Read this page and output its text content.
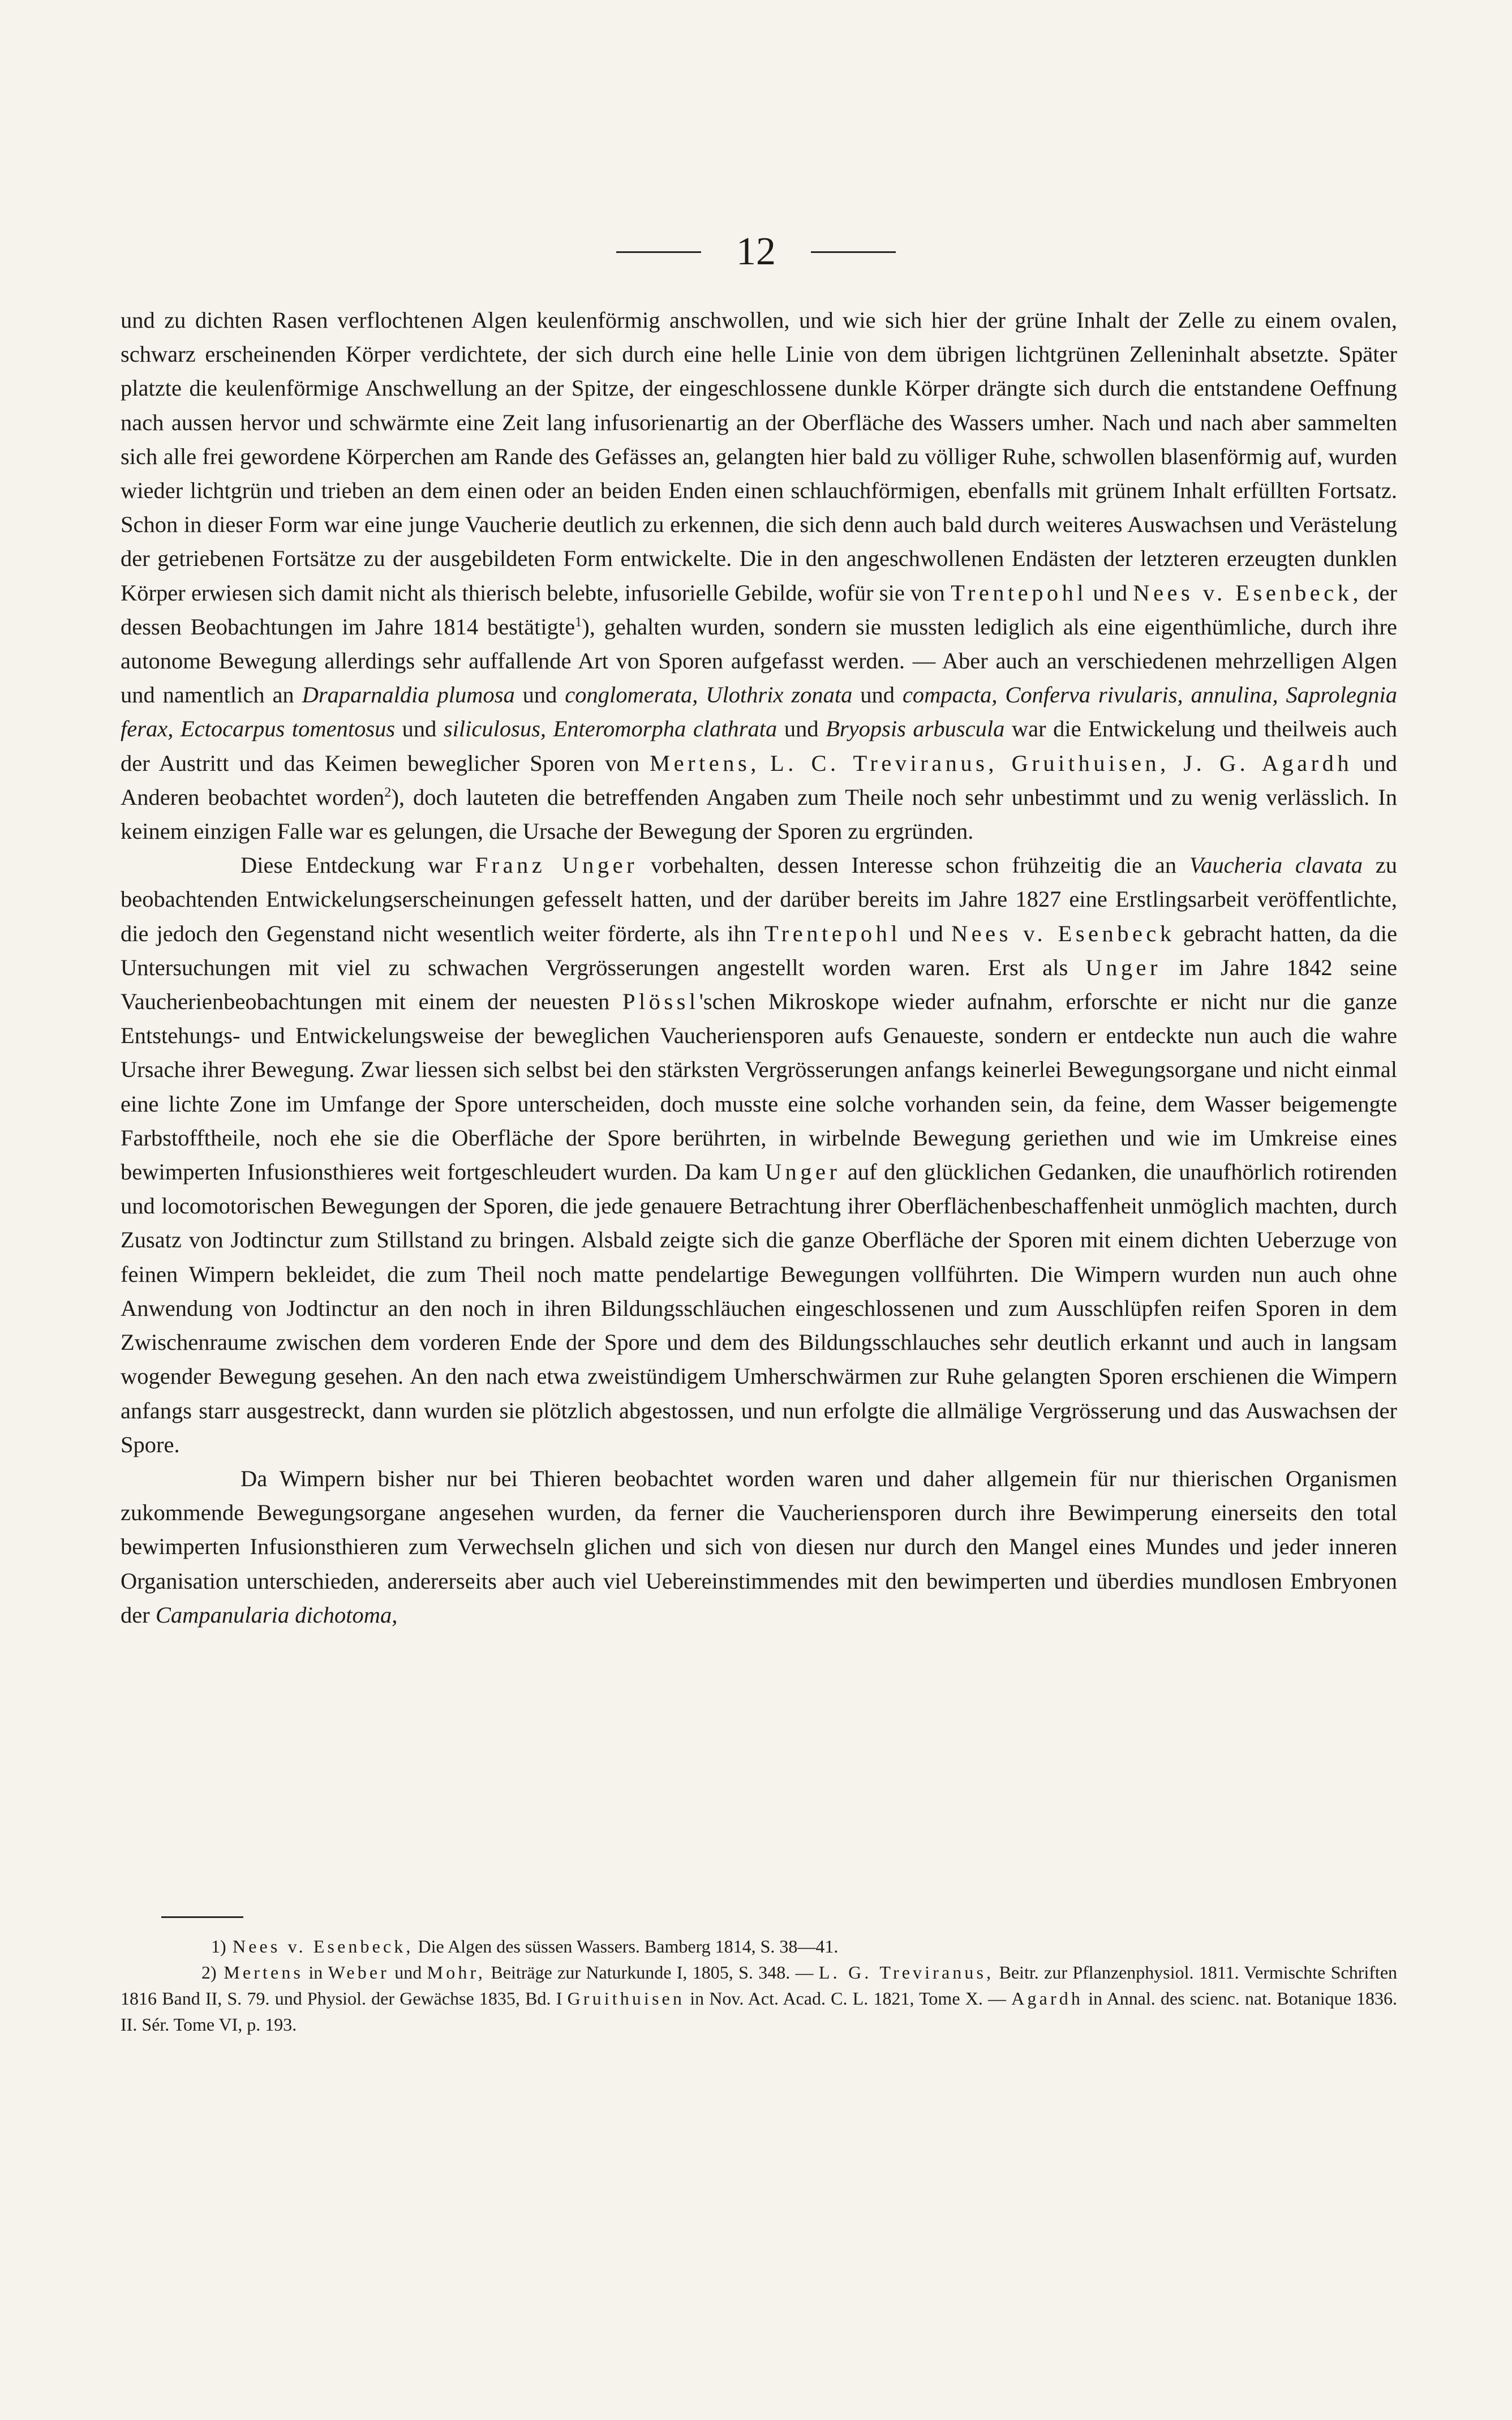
12

und zu dichten Rasen verflochtenen Algen keulenförmig anschwollen, und wie sich hier der grüne Inhalt der Zelle zu einem ovalen, schwarz erscheinenden Körper verdichtete, der sich durch eine helle Linie von dem übrigen lichtgrünen Zelleninhalt absetzte. Später platzte die keulenförmige Anschwellung an der Spitze, der eingeschlossene dunkle Körper drängte sich durch die entstandene Oeffnung nach aussen hervor und schwärmte eine Zeit lang infusorienartig an der Oberfläche des Wassers umher. Nach und nach aber sammelten sich alle frei gewordene Körperchen am Rande des Gefässes an, gelangten hier bald zu völliger Ruhe, schwollen blasenförmig auf, wurden wieder lichtgrün und trieben an dem einen oder an beiden Enden einen schlauchförmigen, ebenfalls mit grünem Inhalt erfüllten Fortsatz. Schon in dieser Form war eine junge Vaucherie deutlich zu erkennen, die sich denn auch bald durch weiteres Auswachsen und Verästelung der getriebenen Fortsätze zu der ausgebildeten Form entwickelte. Die in den angeschwollenen Endästen der letzteren erzeugten dunklen Körper erwiesen sich damit nicht als thierisch belebte, infusorielle Gebilde, wofür sie von Trentepohl und Nees v. Esenbeck, der dessen Beobachtungen im Jahre 1814 bestätigte$^1$), gehalten wurden, sondern sie mussten lediglich als eine eigenthümliche, durch ihre autonome Bewegung allerdings sehr auffallende Art von Sporen aufgefasst werden. — Aber auch an verschiedenen mehrzelligen Algen und namentlich an Draparnaldia plumosa und conglomerata, Ulothrix zonata und compacta, Conferva rivularis, annulina, Saprolegnia ferax, Ectocarpus tomentosus und siliculosus, Enteromorpha clathrata und Bryopsis arbuscula war die Entwickelung und theilweis auch der Austritt und das Keimen beweglicher Sporen von Mertens, L. C. Treviranus, Gruithuisen, J. G. Agardh und Anderen beobachtet worden$^2$), doch lauteten die betreffenden Angaben zum Theile noch sehr unbestimmt und zu wenig verlässlich. In keinem einzigen Falle war es gelungen, die Ursache der Bewegung der Sporen zu ergründen.

Diese Entdeckung war Franz Unger vorbehalten, dessen Interesse schon frühzeitig die an Vaucheria clavata zu beobachtenden Entwickelungserscheinungen gefesselt hatten, und der darüber bereits im Jahre 1827 eine Erstlingsarbeit veröffentlichte, die jedoch den Gegenstand nicht wesentlich weiter förderte, als ihn Trentepohl und Nees v. Esenbeck gebracht hatten, da die Untersuchungen mit viel zu schwachen Vergrösserungen angestellt worden waren. Erst als Unger im Jahre 1842 seine Vaucherienbeobachtungen mit einem der neuesten Plössl'schen Mikroskope wieder aufnahm, erforschte er nicht nur die ganze Entstehungs- und Entwickelungsweise der beweglichen Vaucheriensporen aufs Genaueste, sondern er entdeckte nun auch die wahre Ursache ihrer Bewegung. Zwar liessen sich selbst bei den stärksten Vergrösserungen anfangs keinerlei Bewegungsorgane und nicht einmal eine lichte Zone im Umfange der Spore unterscheiden, doch musste eine solche vorhanden sein, da feine, dem Wasser beigemengte Farbstofftheile, noch ehe sie die Oberfläche der Spore berührten, in wirbelnde Bewegung geriethen und wie im Umkreise eines bewimperten Infusionsthieres weit fortgeschleudert wurden. Da kam Unger auf den glücklichen Gedanken, die unaufhörlich rotirenden und locomotorischen Bewegungen der Sporen, die jede genauere Betrachtung ihrer Oberflächenbeschaffenheit unmöglich machten, durch Zusatz von Jodtinctur zum Stillstand zu bringen. Alsbald zeigte sich die ganze Oberfläche der Sporen mit einem dichten Ueberzuge von feinen Wimpern bekleidet, die zum Theil noch matte pendelartige Bewegungen vollführten. Die Wimpern wurden nun auch ohne Anwendung von Jodtinctur an den noch in ihren Bildungsschläuchen eingeschlossenen und zum Ausschlüpfen reifen Sporen in dem Zwischenraume zwischen dem vorderen Ende der Spore und dem des Bildungsschlauches sehr deutlich erkannt und auch in langsam wogender Bewegung gesehen. An den nach etwa zweistündigem Umherschwärmen zur Ruhe gelangten Sporen erschienen die Wimpern anfangs starr ausgestreckt, dann wurden sie plötzlich abgestossen, und nun erfolgte die allmälige Vergrösserung und das Auswachsen der Spore.

Da Wimpern bisher nur bei Thieren beobachtet worden waren und daher allgemein für nur thierischen Organismen zukommende Bewegungsorgane angesehen wurden, da ferner die Vaucheriensporen durch ihre Bewimperung einerseits den total bewimperten Infusionsthieren zum Verwechseln glichen und sich von diesen nur durch den Mangel eines Mundes und jeder inneren Organisation unterschieden, andererseits aber auch viel Uebereinstimmendes mit den bewimperten und überdies mundlosen Embryonen der Campanularia dichotoma,

1) Nees v. Esenbeck, Die Algen des süssen Wassers. Bamberg 1814, S. 38—41.

2) Mertens in Weber und Mohr, Beiträge zur Naturkunde I, 1805, S. 348. — L. G. Treviranus, Beitr. zur Pflanzenphysiol. 1811. Vermischte Schriften 1816 Band II, S. 79. und Physiol. der Gewächse 1835, Bd. I Gruithuisen in Nov. Act. Acad. C. L. 1821, Tome X. — Agardh in Annal. des scienc. nat. Botanique 1836. II. Sér. Tome VI, p. 193.
